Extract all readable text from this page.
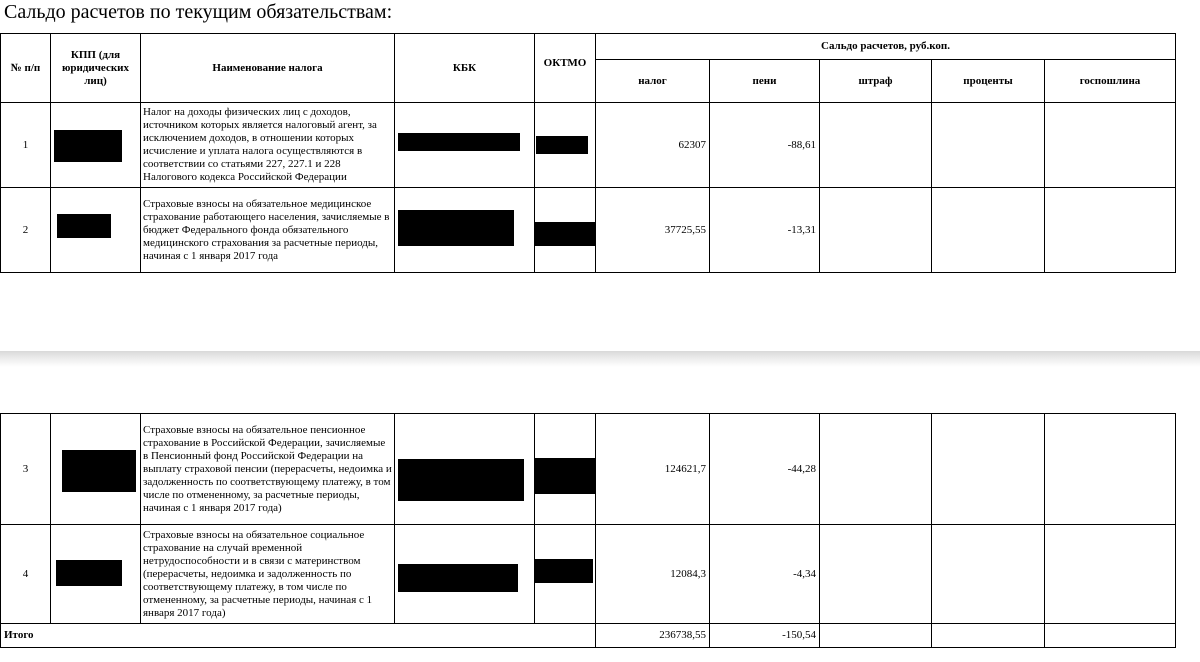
Сальдо расчетов по текущим обязательствам:
№ п/п	КПП (для юридических лиц)	Наименование налога	КБК	ОКТМО	Сальдо расчетов, руб.коп.				
					налог	пени	штраф	проценты	госпошлина
1		Налог на доходы физических лиц с доходов, источником которых является налоговый агент, за исключением доходов, в отношении которых исчисление и уплата налога осуществляются в соответствии со статьями 227, 227.1 и 228 Налогового кодекса Российской Федерации			62307	-88,61			
2		Страховые взносы на обязательное медицинское страхование работающего населения, зачисляемые в бюджет Федерального фонда обязательного медицинского страхования за расчетные периоды, начиная с 1 января 2017 года			37725,55	-13,31			
3		Страховые взносы на обязательное пенсионное страхование в Российской Федерации, зачисляемые в Пенсионный фонд Российской Федерации на выплату страховой пенсии (перерасчеты, недоимка и задолженность по соответствующему платежу, в том числе по отмененному, за расчетные периоды, начиная с 1 января 2017 года)			124621,7	-44,28			
4		Страховые взносы на обязательное социальное страхование на случай временной нетрудоспособности и в связи с материнством (перерасчеты, недоимка и задолженность по соответствующему платежу, в том числе по отмененному, за расчетные периоды, начиная с 1 января 2017 года)			12084,3	-4,34			
Итого					236738,55	-150,54			
